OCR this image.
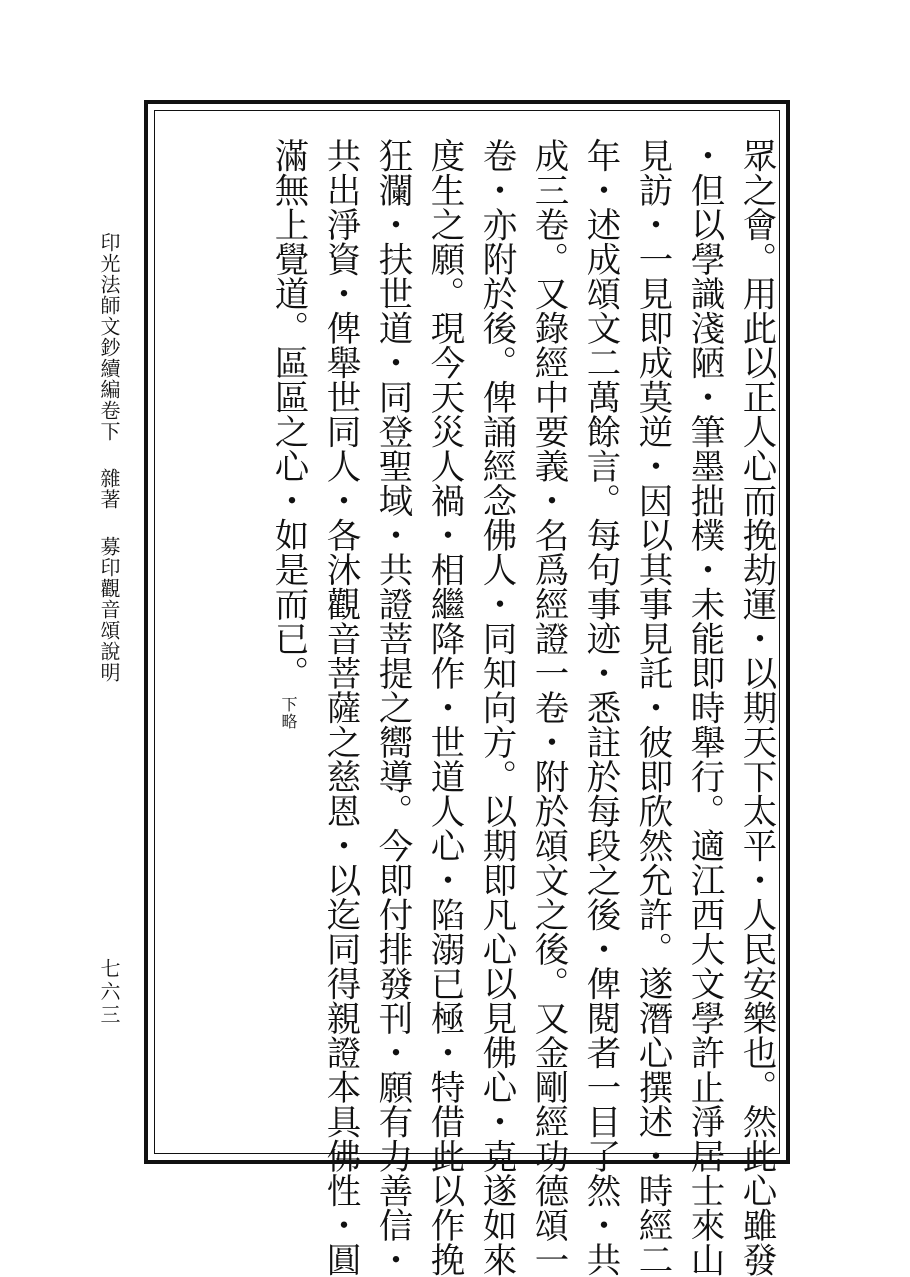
印光法師文鈔續編卷下雜著募印觀音頌說明
七六三	眾之會。用此以正人心而挽劫運・以期天下太平・人民安樂也。然此心雖發
・但以學識淺陋・筆墨拙樸・未能即時舉行。適江西大文學許止淨居士來山
見訪・一見即成莫逆・因以其事見託・彼即欣然允許。遂潛心撰述・時經二
年・述成頌文二萬餘言。每句事迹・悉註於每段之後・俾閱者一目了然・共
成三卷。又錄經中要義・名爲經證一卷・附於頌文之後。又金剛經功德頌一
卷・亦附於後。俾誦經念佛人・同知向方。以期即凡心以見佛心・克遂如來
度生之願。現今天災人禍・相繼降作・世道人心・陷溺已極・特借此以作挽
狂瀾・扶世道・同登聖域・共證菩提之嚮導。今即付排發刊・願有力善信・
共出淨資・俾舉世同人・各沐觀音菩薩之慈恩・以迄同得親證本具佛性・圓
滿無上覺道。區區之心・如是而已。下略
